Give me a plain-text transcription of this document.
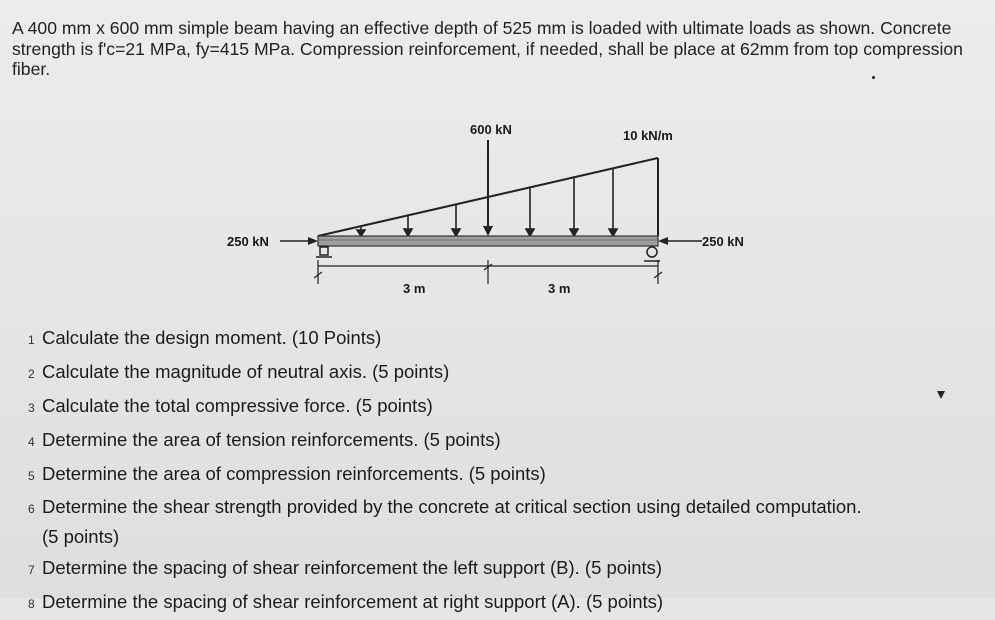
A 400 mm x 600 mm simple beam having an effective depth of 525 mm is loaded with ultimate loads as shown. Concrete strength is f'c=21 MPa, fy=415 MPa. Compression reinforcement, if needed, shall be place at 62mm from top compression fiber.
600 kN	10 kN/m
250 kN	250 kN
3 m	3 m
1 Calculate the design moment. (10 Points)
2 Calculate the magnitude of neutral axis. (5 points)
3 Calculate the total compressive force. (5 points)
4 Determine the area of tension reinforcements. (5 points)
5 Determine the area of compression reinforcements. (5 points)
6 Determine the shear strength provided by the concrete at critical section using detailed computation. (5 points)
7 Determine the spacing of shear reinforcement the left support (B). (5 points)
8 Determine the spacing of shear reinforcement at right support (A). (5 points)
